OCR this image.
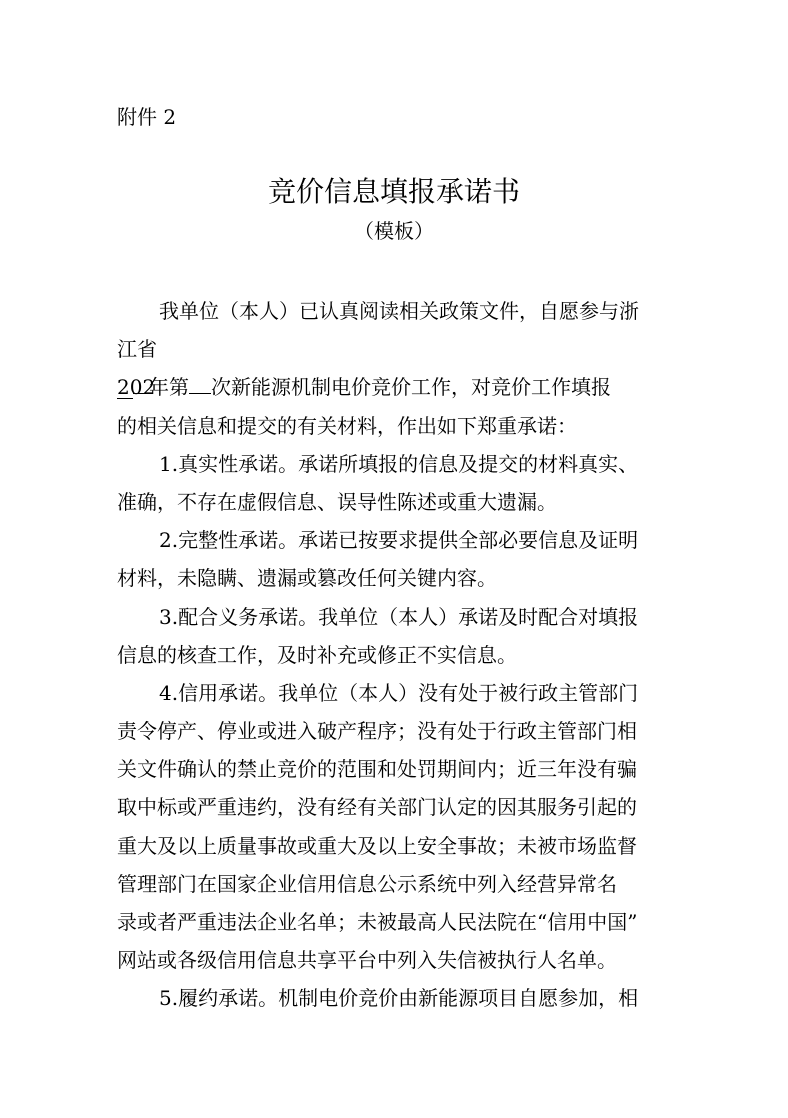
附件 2
竞价信息填报承诺书
（模板）
我单位（本人）已认真阅读相关政策文件，自愿参与浙
江省
202年第 次新能源机制电价竞价工作，对竞价工作填报
的相关信息和提交的有关材料，作出如下郑重承诺：
1.真实性承诺。承诺所填报的信息及提交的材料真实、
准确，不存在虚假信息、误导性陈述或重大遗漏。
2.完整性承诺。承诺已按要求提供全部必要信息及证明
材料，未隐瞒、遗漏或篡改任何关键内容。
3.配合义务承诺。我单位（本人）承诺及时配合对填报
信息的核查工作，及时补充或修正不实信息。
4.信用承诺。我单位（本人）没有处于被行政主管部门
责令停产、停业或进入破产程序；没有处于行政主管部门相
关文件确认的禁止竞价的范围和处罚期间内；近三年没有骗
取中标或严重违约，没有经有关部门认定的因其服务引起的
重大及以上质量事故或重大及以上安全事故；未被市场监督
管理部门在国家企业信用信息公示系统中列入经营异常名
录或者严重违法企业名单；未被最高人民法院在“信用中国”
网站或各级信用信息共享平台中列入失信被执行人名单。
5.履约承诺。机制电价竞价由新能源项目自愿参加，相
